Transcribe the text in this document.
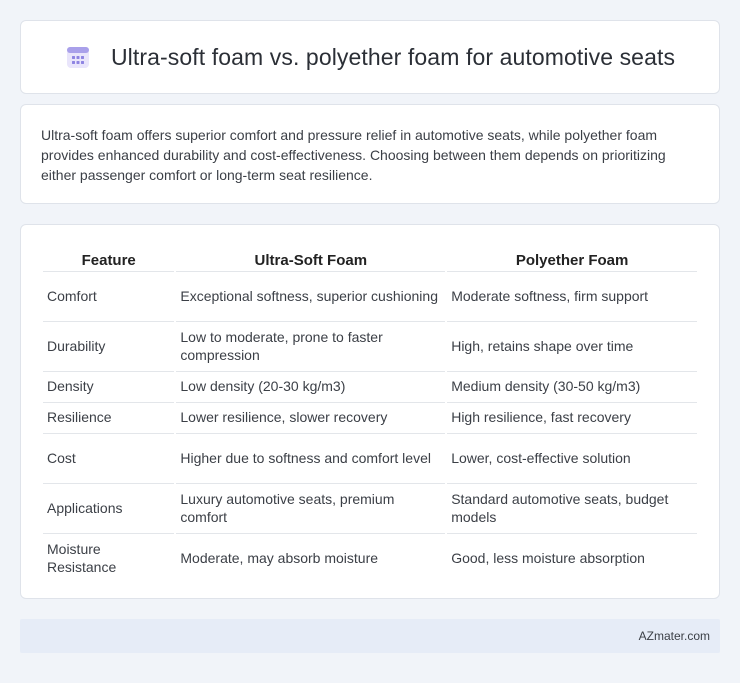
Ultra-soft foam vs. polyether foam for automotive seats

Ultra-soft foam offers superior comfort and pressure relief in automotive seats, while polyether foam provides enhanced durability and cost-effectiveness. Choosing between them depends on prioritizing either passenger comfort or long-term seat resilience.

Feature	Ultra-Soft Foam	Polyether Foam
Comfort	Exceptional softness, superior cushioning	Moderate softness, firm support
Durability	Low to moderate, prone to faster compression	High, retains shape over time
Density	Low density (20-30 kg/m3)	Medium density (30-50 kg/m3)
Resilience	Lower resilience, slower recovery	High resilience, fast recovery
Cost	Higher due to softness and comfort level	Lower, cost-effective solution
Applications	Luxury automotive seats, premium comfort	Standard automotive seats, budget models
Moisture Resistance	Moderate, may absorb moisture	Good, less moisture absorption
AZmater.com
